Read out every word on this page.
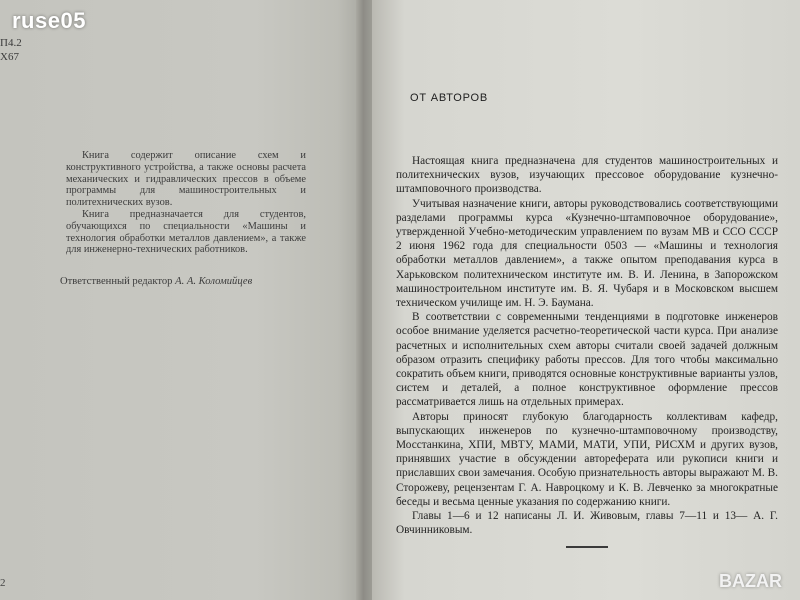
П4.2
Х67

Книга содержит описание схем и конструктивного устройства, а также основы расчета механических и гидравлических прессов в объеме программы для машиностроительных и политехнических вузов.

Книга предназначается для студентов, обучающихся по специальности «Машины и технология обработки металлов давлением», а также для инженерно-технических работников.

Ответственный редактор А. А. Коломийцев
2
ОТ АВТОРОВ

Настоящая книга предназначена для студентов машиностроительных и политехнических вузов, изучающих прессовое оборудование кузнечно-штамповочного производства.

Учитывая назначение книги, авторы руководствовались соответствующими разделами программы курса «Кузнечно-штамповочное оборудование», утвержденной Учебно-методическим управлением по вузам МВ и ССО СССР 2 июня 1962 года для специальности 0503 — «Машины и технология обработки металлов давлением», а также опытом преподавания курса в Харьковском политехническом институте им. В. И. Ленина, в Запорожском машиностроительном институте им. В. Я. Чубаря и в Московском высшем техническом училище им. Н. Э. Баумана.

В соответствии с современными тенденциями в подготовке инженеров особое внимание уделяется расчетно-теоретической части курса. При анализе расчетных и исполнительных схем авторы считали своей задачей должным образом отразить специфику работы прессов. Для того чтобы максимально сократить объем книги, приводятся основные конструктивные варианты узлов, систем и деталей, а полное конструктивное оформление прессов рассматривается лишь на отдельных примерах.

Авторы приносят глубокую благодарность коллективам кафедр, выпускающих инженеров по кузнечно-штамповочному производству, Мосстанкина, ХПИ, МВТУ, МАМИ, МАТИ, УПИ, РИСХМ и других вузов, принявших участие в обсуждении автореферата или рукописи книги и приславших свои замечания. Особую признательность авторы выражают М. В. Сторожеву, рецензентам Г. А. Навроцкому и К. В. Левченко за многократные беседы и весьма ценные указания по содержанию книги.

Главы 1—6 и 12 написаны Л. И. Живовым, главы 7—11 и 13— А. Г. Овчинниковым.

ruse05
BAZAR
